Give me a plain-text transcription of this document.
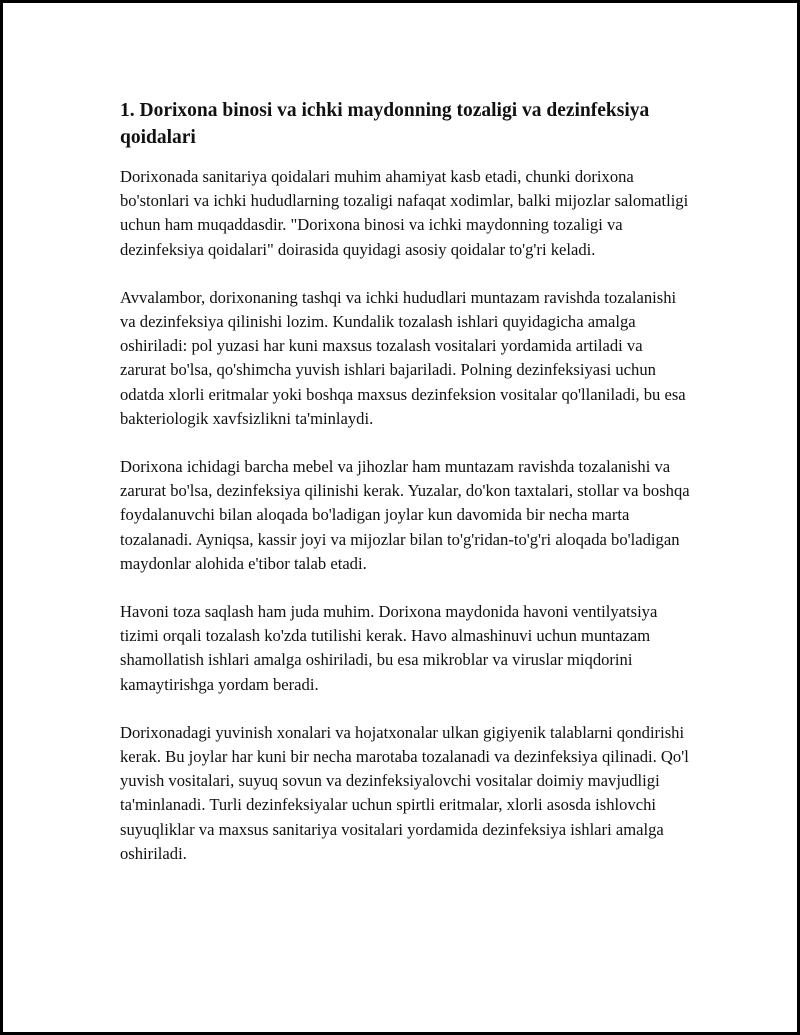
1. Dorixona binosi va ichki maydonning tozaligi va dezinfeksiya qoidalari

Dorixonada sanitariya qoidalari muhim ahamiyat kasb etadi, chunki dorixona bo'stonlari va ichki hududlarning tozaligi nafaqat xodimlar, balki mijozlar salomatligi uchun ham muqaddasdir. "Dorixona binosi va ichki maydonning tozaligi va dezinfeksiya qoidalari" doirasida quyidagi asosiy qoidalar to'g'ri keladi.

Avvalambor, dorixonaning tashqi va ichki hududlari muntazam ravishda tozalanishi va dezinfeksiya qilinishi lozim. Kundalik tozalash ishlari quyidagicha amalga oshiriladi: pol yuzasi har kuni maxsus tozalash vositalari yordamida artiladi va zarurat bo'lsa, qo'shimcha yuvish ishlari bajariladi. Polning dezinfeksiyasi uchun odatda xlorli eritmalar yoki boshqa maxsus dezinfeksion vositalar qo'llaniladi, bu esa bakteriologik xavfsizlikni ta'minlaydi.

Dorixona ichidagi barcha mebel va jihozlar ham muntazam ravishda tozalanishi va zarurat bo'lsa, dezinfeksiya qilinishi kerak. Yuzalar, do'kon taxtalari, stollar va boshqa foydalanuvchi bilan aloqada bo'ladigan joylar kun davomida bir necha marta tozalanadi. Ayniqsa, kassir joyi va mijozlar bilan to'g'ridan-to'g'ri aloqada bo'ladigan maydonlar alohida e'tibor talab etadi.

Havoni toza saqlash ham juda muhim. Dorixona maydonida havoni ventilyatsiya tizimi orqali tozalash ko'zda tutilishi kerak. Havo almashinuvi uchun muntazam shamollatish ishlari amalga oshiriladi, bu esa mikroblar va viruslar miqdorini kamaytirishga yordam beradi.

Dorixonadagi yuvinish xonalari va hojatxonalar ulkan gigiyenik talablarni qondirishi kerak. Bu joylar har kuni bir necha marotaba tozalanadi va dezinfeksiya qilinadi. Qo'l yuvish vositalari, suyuq sovun va dezinfeksiyalovchi vositalar doimiy mavjudligi ta'minlanadi. Turli dezinfeksiyalar uchun spirtli eritmalar, xlorli asosda ishlovchi suyuqliklar va maxsus sanitariya vositalari yordamida dezinfeksiya ishlari amalga oshiriladi.
